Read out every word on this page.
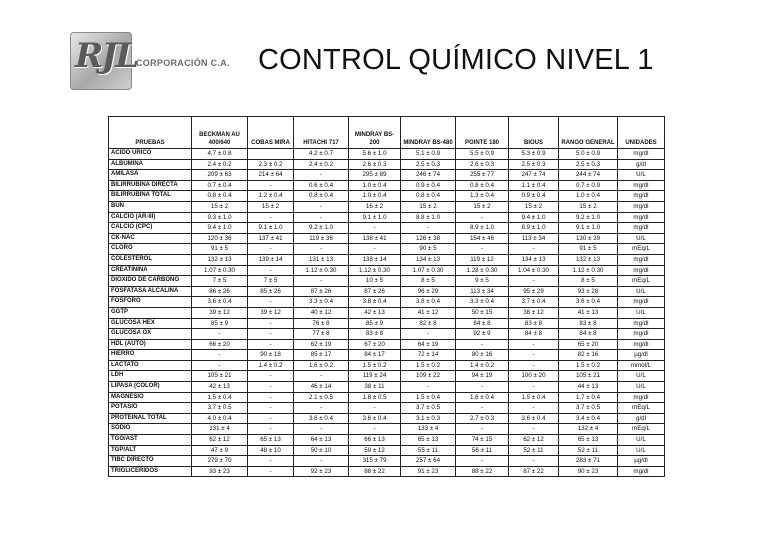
RJL
CORPORACIÓN C.A. CONTROL QUÍMICO NIVEL 1
PRUEBAS	BECKMAN AU 400/640	COBAS MIRA	HITACHI 717	MINDRAY BS-200	MINDRAY BS-480	POINTE 180	BIOUS	RANGO GENERAL	UNIDADES
ACIDO URICO	4.7 ± 0.8		4.2 ± 0.7	5.6 ± 1.0	5.1 ± 0.9	5.5 ± 0.9	5.3 ± 0.9	5.0 ± 0.9	mg/dl
ALBUMINA	2.4 ± 0.2	2.3 ± 0.2	2.4 ± 0.2	2.6 ± 0.3	2.5 ± 0.3	2.6 ± 0.3	2.5 ± 0.3	2.5 ± 0.3	g/dl
AMILASA	209 ± 63	214 ± 64	-	295 ± 89	246 ± 74	255 ± 77	247 ± 74	244 ± 74	U/L
BILIRRUBINA DIRECTA	0.7 ± 0.4	-	0.6 ± 0.4	1.0 ± 0.4	0.9 ± 0.4	0.8 ± 0.4	1.1 ± 0.4	0.7 ± 0.9	mg/dl
BILIRRUBINA TOTAL	0.8 ± 0.4	1.2 ± 0.4	0.8 ± 0.4	1.0 ± 0.4	0.8 ± 0.4	1.3 ± 0.4	0.9 ± 0.4	1.0 ± 0.4	mg/dl
BUN	15 ± 2	15 ± 2	-	16 ± 2	15 ± 2	15 ± 2	15 ± 2	15 ± 2	mg/dl
CALCIO (AR-III)	9.3 ± 1.0	-	-	9.1 ± 1.0	8.8 ± 1.0	-	9.4 ± 1.0	9.2 ± 1.0	mg/dl
CALCIO (CPC)	9.4 ± 1.0	9.1 ± 1.0	9.2 ± 1.0	-	-	8.9 ± 1.0	8.9 ± 1.0	9.1 ± 1.0	mg/dl
CK-NAC	120 ± 36	137 ± 41	119 ± 36	138 ± 41	126 ± 38	154 ± 46	113 ± 34	130 ± 39	U/L
CLORO	91 ± 5	-	-	-	90 ± 5	-	-	91 ± 5	mEq/L
COLESTEROL	132 ± 13	139 ± 14	131 ± 13	138 ± 14	134 ± 13	119 ± 12	134 ± 13	132 ± 13	mg/dl
CREATININA	1.07 ± 0.30	-	1.12 ± 0.30	1.12 ± 0.30	1.07 ± 0.30	1.28 ± 0.30	1.04 ± 0.30	1.12 ± 0.30	mg/dl
DIOXIDO DE CARBONO	7 ± 5	7 ± 5	-	10 ± 5	8 ± 5	9 ± 5	-	8 ± 5	mEq/L
FOSFATASA ALCALINA	86 ± 26	85 ± 26	87 ± 26	87 ± 26	96 ± 29	113 ± 34	95 ± 29	93 ± 28	U/L
FOSFORO	3.6 ± 0.4	-	3.3 ± 0.4	3.8 ± 0.4	3.8 ± 0.4	3.3 ± 0.4	3.7 ± 0.4	3.6 ± 0.4	mg/dl
GGTP	39 ± 12	39 ± 12	40 ± 12	42 ± 13	41 ± 12	50 ± 15	38 ± 12	41 ± 13	U/L
GLUCOSA HEX	85 ± 9	-	76 ± 8	85 ± 9	82 ± 8	84 ± 8	83 ± 8	83 ± 8	mg/dl
GLUCOSA OX	-	-	77 ± 8	83 ± 8	-	92 ± 9	84 ± 8	84 ± 8	mg/dl
HDL (AUTO)	66 ± 20	-	62 ± 19	67 ± 20	64 ± 19	-	-	65 ± 20	mg/dl
HIERRO	-	90 ± 18	85 ± 17	84 ± 17	72 ± 14	80 ± 16	-	82 ± 16	µg/dl
LACTATO	-	1.4 ± 0.2	1.6 ± 0.2	1.5 ± 0.2	1.5 ± 0.2	1.4 ± 0.2	-	1.5 ± 0.2	mmol/L
LDH	105 ± 21	-	-	119 ± 24	109 ± 22	94 ± 19	100 ± 20	105 ± 21	U/L
LIPASA (COLOR)	42 ± 13	-	46 ± 14	38 ± 11	-	-	-	44 ± 13	U/L
MAGNESIO	1.5 ± 0.4	-	2.1 ± 0.5	1.8 ± 0.5	1.5 ± 0.4	1.6 ± 0.4	1.5 ± 0.4	1.7 ± 0.4	mg/dl
POTASIO	3.7 ± 0.5	-	-	-	3.7 ± 0.5	-	-	3.7 ± 0.5	mEq/L
PROTEINAL TOTAL	4.0 ± 0.4	-	3.6 ± 0.4	3.6 ± 0.4	3.1 ± 0.3	2.7 ± 0.3	3.6 ± 0.4	3.4 ± 0.4	g/dl
SODIO	131 ± 4	-	-	-	133 ± 4	-	-	132 ± 4	mEq/L
TGO/AST	62 ± 12	65 ± 13	64 ± 13	66 ± 13	65 ± 13	74 ± 15	62 ± 12	65 ± 13	U/L
TGP/ALT	47 ± 9	48 ± 10	50 ± 10	59 ± 12	55 ± 11	56 ± 11	52 ± 11	52 ± 11	U/L
TIBC DIRECTO	279 ± 70	-	-	315 ± 79	257 ± 64	-	-	283 ± 71	µg/dl
TRIGLICERIDOS	93 ± 23	-	92 ± 23	88 ± 22	91 ± 23	88 ± 22	87 ± 22	90 ± 23	mg/dl
